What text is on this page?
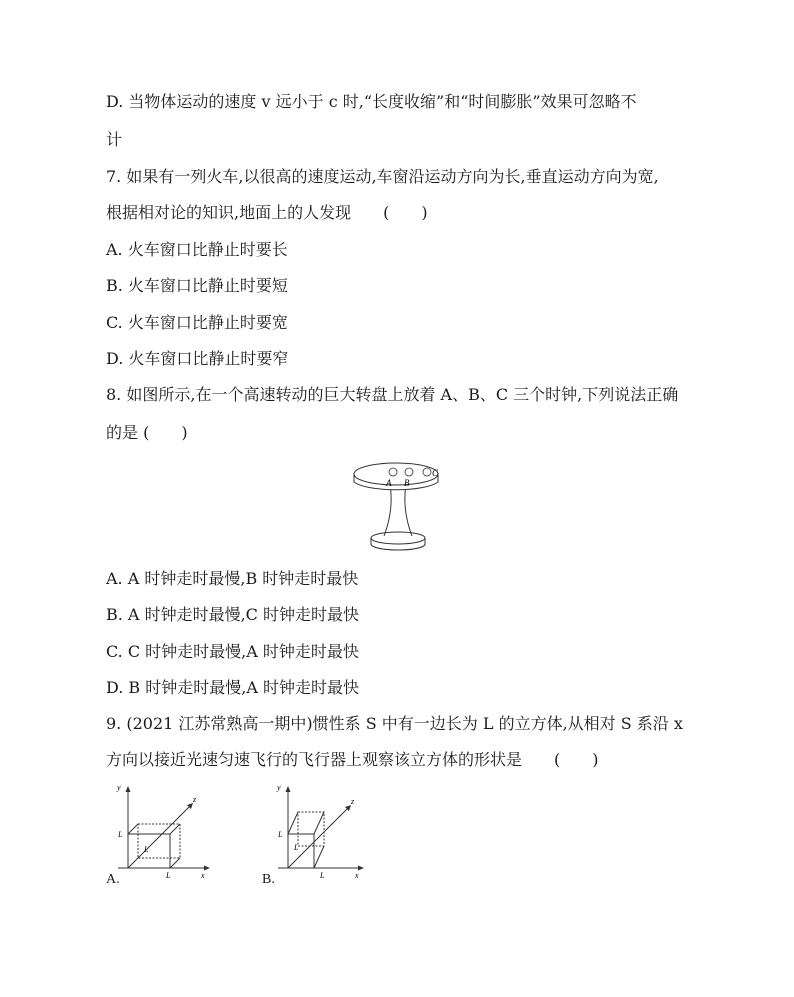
D. 当物体运动的速度 v 远小于 c 时,“长度收缩”和“时间膨胀”效果可忽略不
计
7. 如果有一列火车,以很高的速度运动,车窗沿运动方向为长,垂直运动方向为宽,
根据相对论的知识,地面上的人发现　　(　　)
A. 火车窗口比静止时要长
B. 火车窗口比静止时要短
C. 火车窗口比静止时要宽
D. 火车窗口比静止时要窄
8. 如图所示,在一个高速转动的巨大转盘上放着 A、B、C 三个时钟,下列说法正确
的是 (　　)
A B
C
A. A 时钟走时最慢,B 时钟走时最快
B. A 时钟走时最慢,C 时钟走时最快
C. C 时钟走时最慢,A 时钟走时最快
D. B 时钟走时最慢,A 时钟走时最快
9. (2021 江苏常熟高一期中)惯性系 S 中有一边长为 L 的立方体,从相对 S 系沿 x
方向以接近光速匀速飞行的飞行器上观察该立方体的形状是　　(　　)
y
x
z
L
L
L
A.
y
x
z
L
L
L
B.
